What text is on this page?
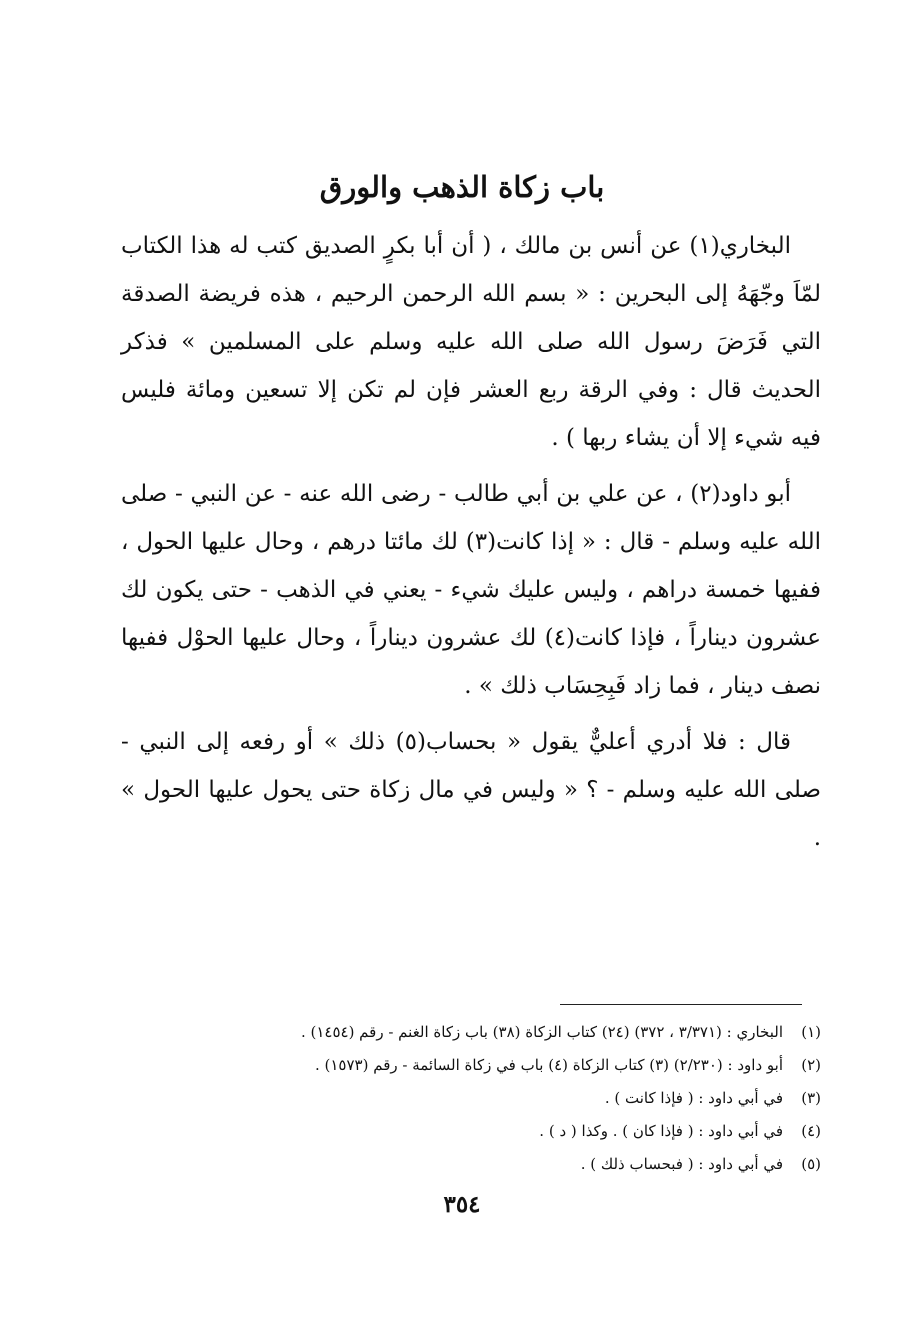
باب زكاة الذهب والورق

البخاري(١) عن أنس بن مالك ، ( أن أبا بكرٍ الصديق كتب له هذا الكتاب لمّاَ وجّهَهُ إلى البحرين : « بسم الله الرحمن الرحيم ، هذه فريضة الصدقة التي فَرَضَ رسول الله صلى الله عليه وسلم على المسلمين » فذكر الحديث قال : وفي الرقة ربع العشر فإن لم تكن إلا تسعين ومائة فليس فيه شيء إلا أن يشاء ربها ) .

أبو داود(٢) ، عن علي بن أبي طالب - رضى الله عنه - عن النبي - صلى الله عليه وسلم - قال : « إذا كانت(٣) لك مائتا درهم ، وحال عليها الحول ، ففيها خمسة دراهم ، وليس عليك شيء - يعني في الذهب - حتى يكون لك عشرون ديناراً ، فإذا كانت(٤) لك عشرون ديناراً ، وحال عليها الحوْل ففيها نصف دينار ، فما زاد فَبِحِسَاب ذلك » .

قال : فلا أدري أعليٌّ يقول « بحساب(٥) ذلك » أو رفعه إلى النبي - صلى الله عليه وسلم - ؟ « وليس في مال زكاة حتى يحول عليها الحول » .

(١)
البخاري : (٣/٣٧١ ، ٣٧٢) (٢٤) كتاب الزكاة (٣٨) باب زكاة الغنم - رقم (١٤٥٤) .
(٢)
أبو داود : (٢/٢٣٠) (٣) كتاب الزكاة (٤) باب في زكاة السائمة - رقم (١٥٧٣) .
(٣)
في أبي داود : ( فإذا كانت ) .
(٤)
في أبي داود : ( فإذا كان ) . وكذا ( د ) .
(٥)
في أبي داود : ( فبحساب ذلك ) .
٣٥٤
